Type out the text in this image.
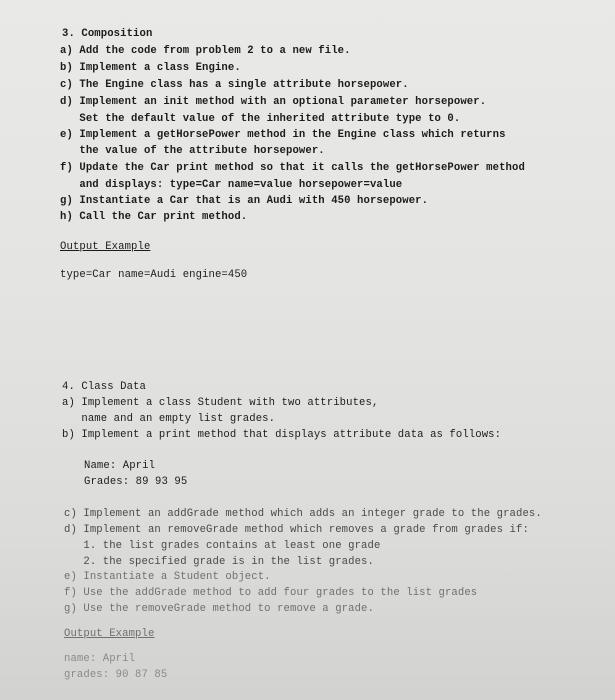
3. Composition
a) Add the code from problem 2 to a new file.
b) Implement a class Engine.
c) The Engine class has a single attribute horsepower.
d) Implement an init method with an optional parameter horsepower.
Set the default value of the inherited attribute type to 0.
e) Implement a getHorsePower method in the Engine class which returns
the value of the attribute horsepower.
f) Update the Car print method so that it calls the getHorsePower method
and displays: type=Car name=value horsepower=value
g) Instantiate a Car that is an Audi with 450 horsepower.
h) Call the Car print method.
Output Example
type=Car name=Audi engine=450
4. Class Data
a) Implement a class Student with two attributes,
name and an empty list grades.
b) Implement a print method that displays attribute data as follows:
Name: April
Grades: 89 93 95
c) Implement an addGrade method which adds an integer grade to the grades.
d) Implement an removeGrade method which removes a grade from grades if:
1. the list grades contains at least one grade
2. the specified grade is in the list grades.
e) Instantiate a Student object.
f) Use the addGrade method to add four grades to the list grades
g) Use the removeGrade method to remove a grade.
Output Example
name: April
grades: 90 87 85
